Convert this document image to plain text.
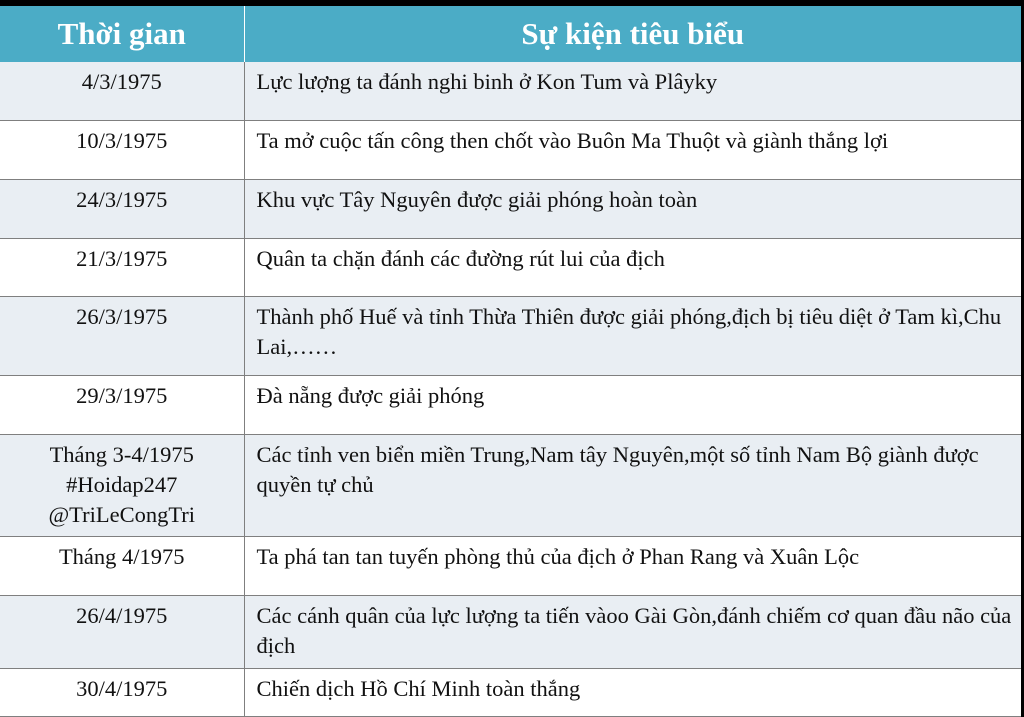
Thời gian	Sự kiện tiêu biểu
4/3/1975	Lực lượng ta đánh nghi binh ở Kon Tum và Plâyky
10/3/1975	Ta mở cuộc tấn công then chốt vào Buôn Ma Thuột và giành thắng lợi
24/3/1975	Khu vực Tây Nguyên được giải phóng hoàn toàn
21/3/1975	Quân ta chặn đánh các đường rút lui của địch
26/3/1975	Thành phố Huế và tỉnh Thừa Thiên được giải phóng,địch bị tiêu diệt ở Tam kì,Chu Lai,……
29/3/1975	Đà nẵng được giải phóng

Tháng 3-4/1975
#Hoidap247
@TriLeCongTri	Các tỉnh ven biển miền Trung,Nam tây Nguyên,một số tỉnh Nam Bộ giành được quyền tự chủ
Tháng 4/1975	Ta phá tan tan tuyến phòng thủ của địch ở Phan Rang và Xuân Lộc
26/4/1975	Các cánh quân của lực lượng ta tiến vàoo Gài Gòn,đánh chiếm cơ quan đầu não của địch
30/4/1975	Chiến dịch Hồ Chí Minh toàn thắng
